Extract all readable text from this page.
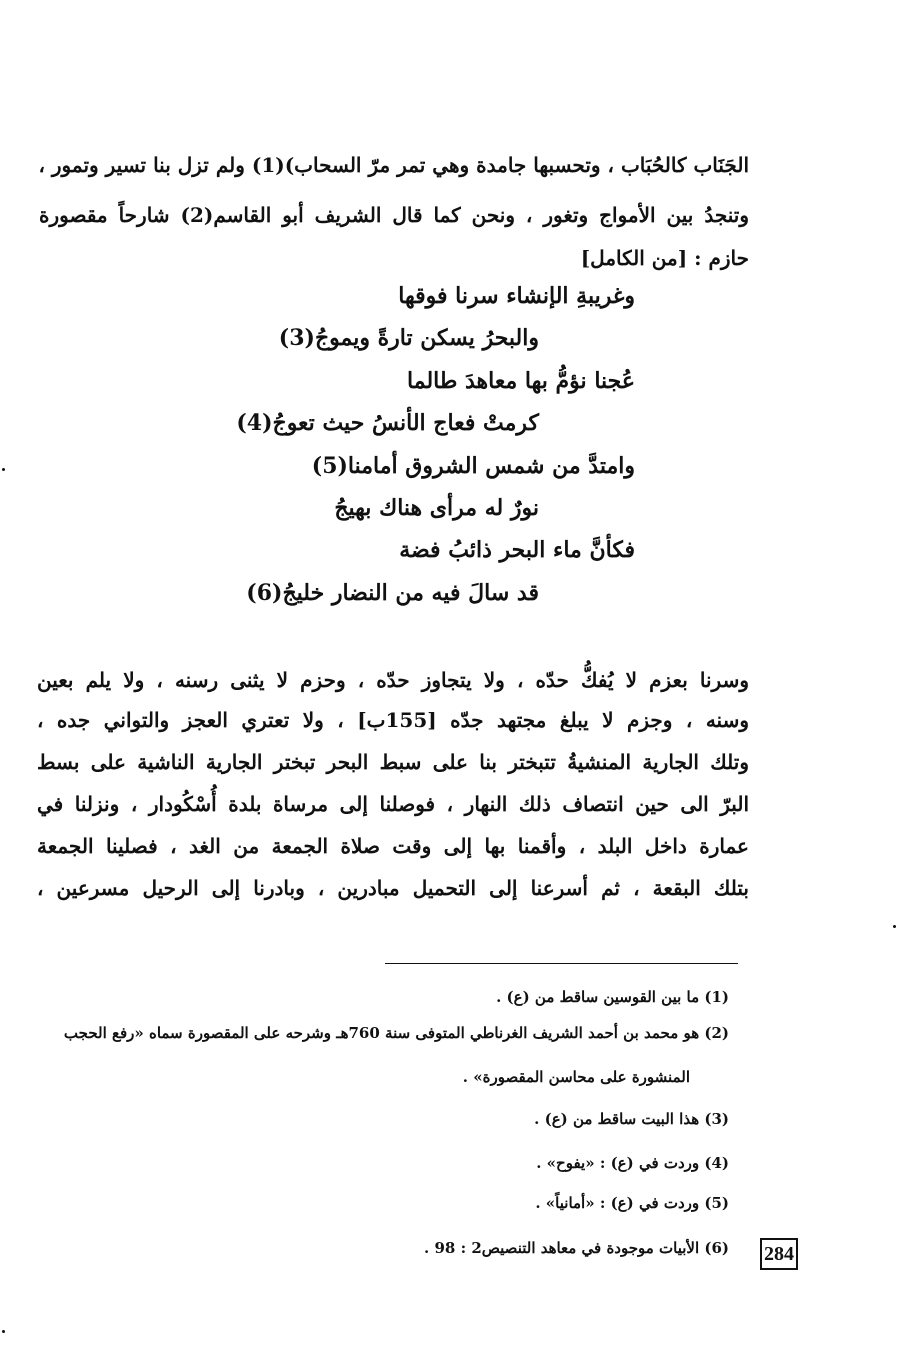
الجَنَاب كالحُبَاب ، وتحسبها جامدة وهي تمر مرّ السحاب)(1) ولم تزل بنا تسير وتمور ،
وتنجدُ بين الأمواج وتغور ، ونحن كما قال الشريف أبو القاسم(2) شارحاً مقصورة
حازم : [من الكامل]
وغريبةِ الإنشاء سرنا فوقها
والبحرُ يسكن تارةً ويموجُ(3)
عُجنا نؤمُّ بها معاهدَ طالما
كرمتْ فعاج الأنسُ حيث تعوجُ(4)
وامتدَّ من شمس الشروق أمامنا(5)
نورٌ له مرأى هناك بهيجُ
فكأنَّ ماء البحر ذائبُ فضة
قد سالَ فيه من النضار خليجُ(6)
وسرنا بعزم لا يُفكُّ حدّه ، ولا يتجاوز حدّه ، وحزم لا يثنى رسنه ، ولا يلم بعين
وسنه ، وجزم لا يبلغ مجتهد جدّه [155ب] ، ولا تعتري العجز والتواني جده ،
وتلك الجارية المنشيةُ تتبختر بنا على سبط البحر تبختر الجارية الناشية على بسط
البرّ الى حين انتصاف ذلك النهار ، فوصلنا إلى مرساة بلدة أُسْكُودار ، ونزلنا في
عمارة داخل البلد ، وأقمنا بها إلى وقت صلاة الجمعة من الغد ، فصلينا الجمعة
بتلك البقعة ، ثم أسرعنا إلى التحميل مبادرين ، وبادرنا إلى الرحيل مسرعين ،
(1) ما بين القوسين ساقط من (ع) .
(2) هو محمد بن أحمد الشريف الغرناطي المتوفى سنة 760هـ وشرحه على المقصورة سماه «رفع الحجب
المنشورة على محاسن المقصورة» .
(3) هذا البيت ساقط من (ع) .
(4) وردت في (ع) : «يفوح» .
(5) وردت في (ع) : «أمانياً» .
(6) الأبيات موجودة في معاهد التنصيص2 : 98 . 284
